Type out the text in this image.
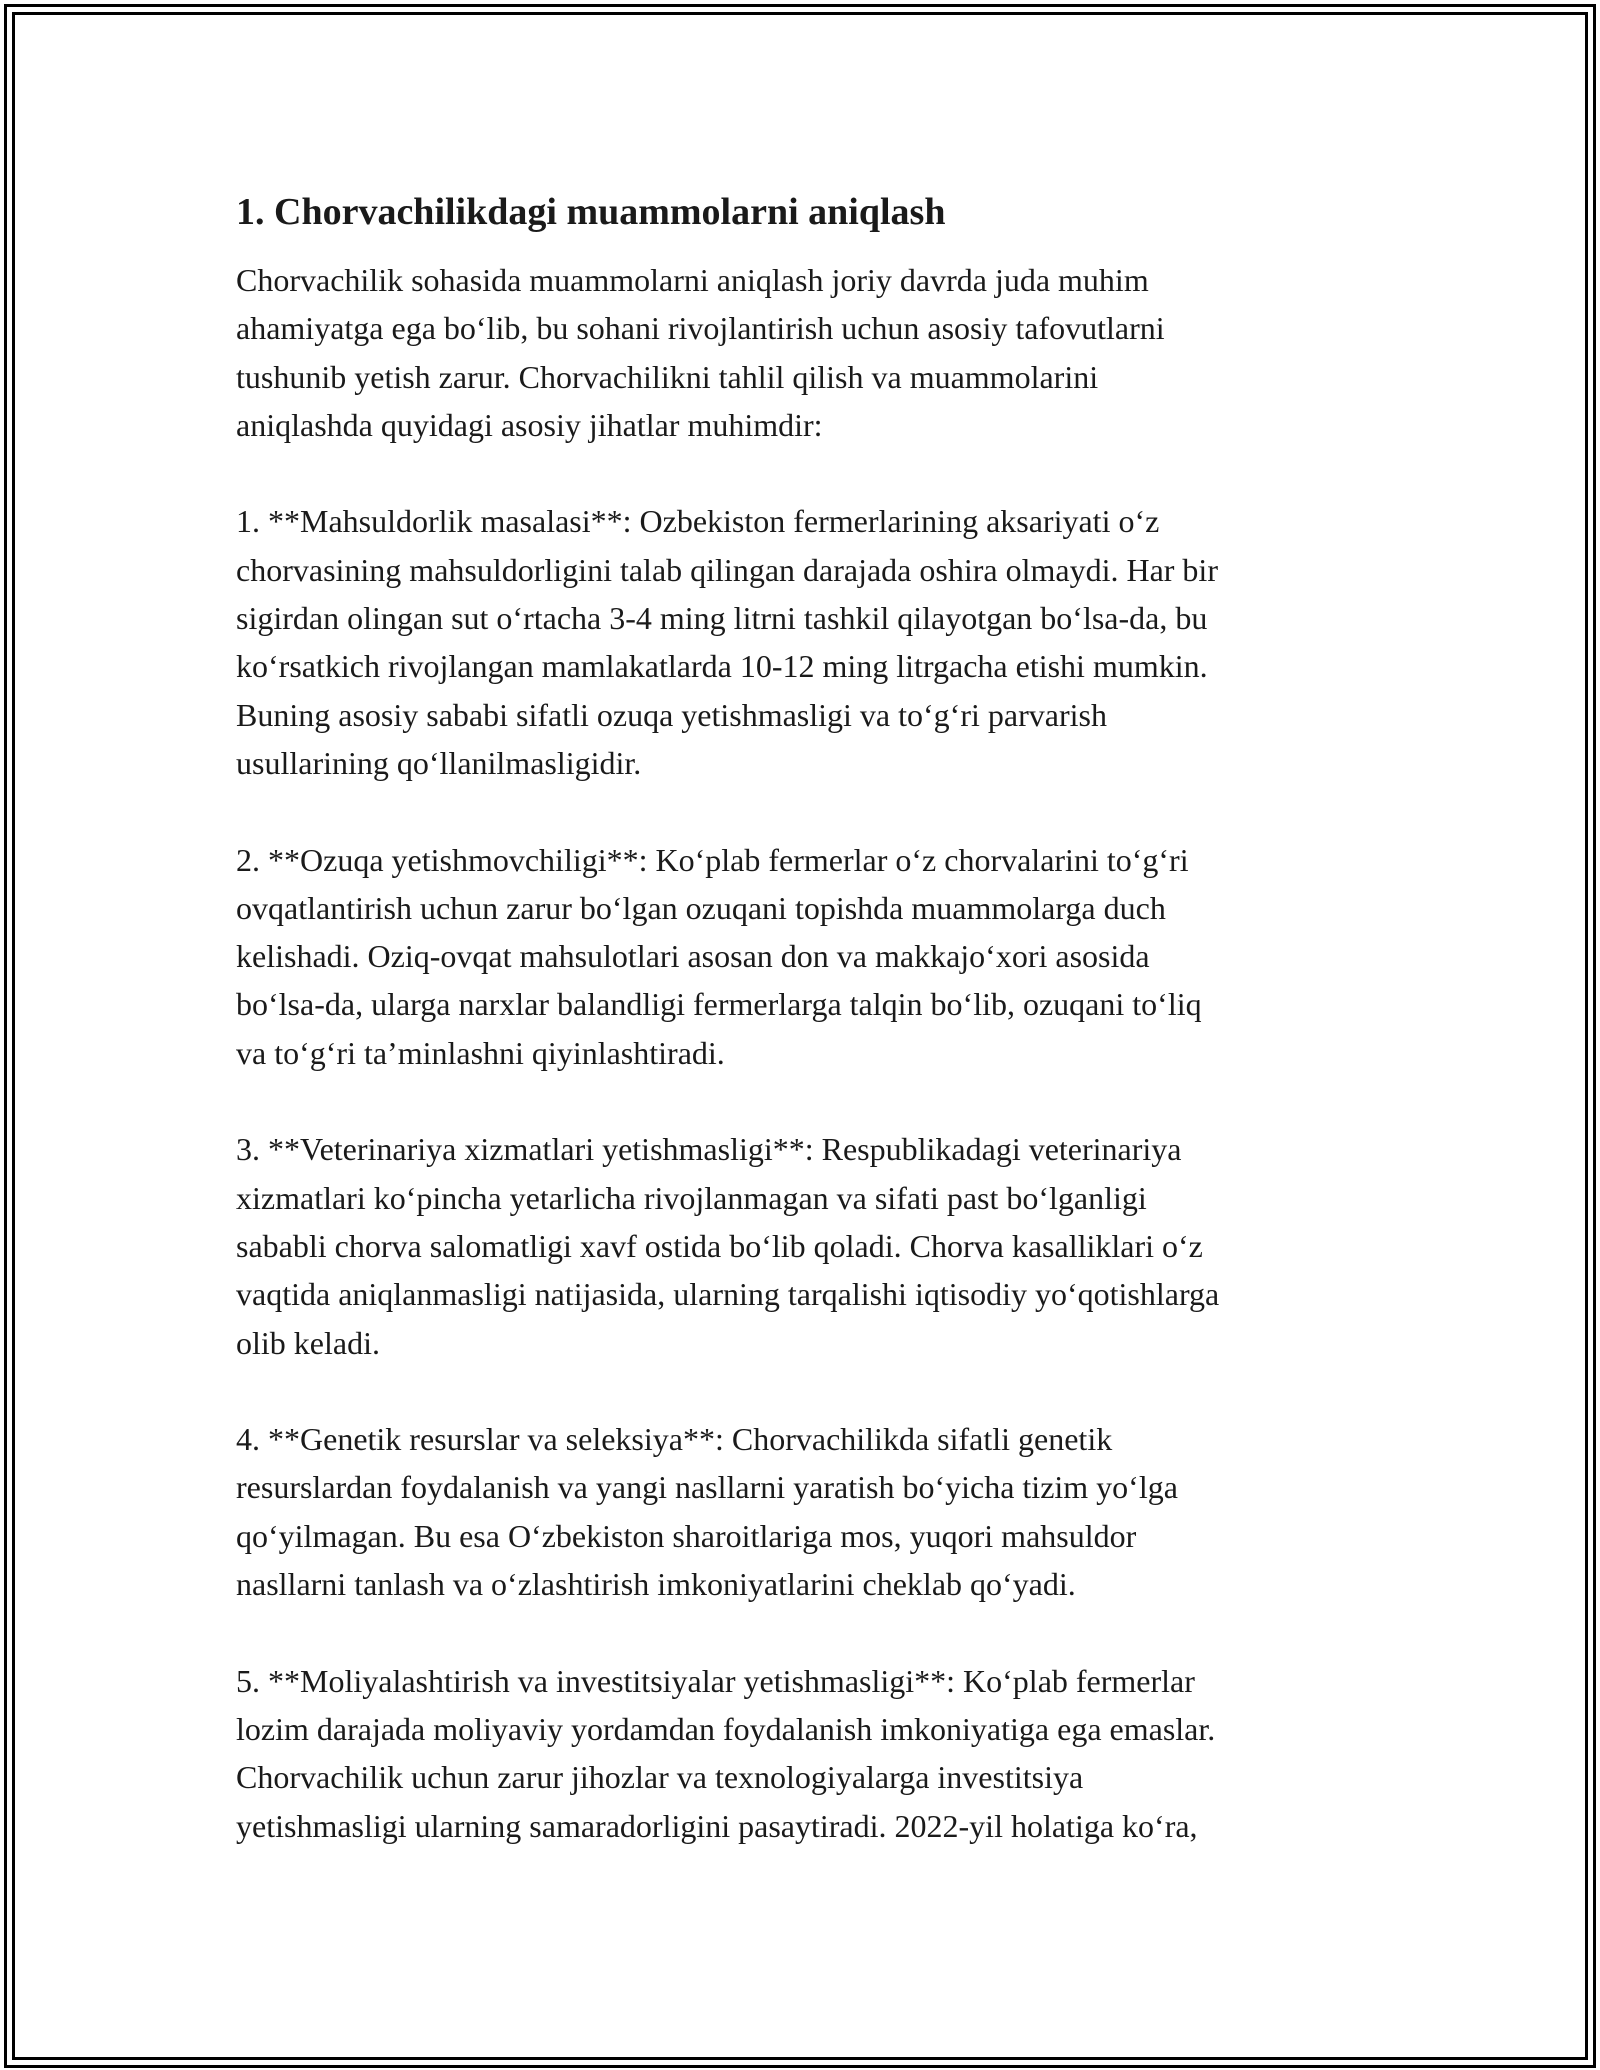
1. Chorvachilikdagi muammolarni aniqlash

Chorvachilik sohasida muammolarni aniqlash joriy davrda juda muhim
ahamiyatga ega bo‘lib, bu sohani rivojlantirish uchun asosiy tafovutlarni
tushunib yetish zarur. Chorvachilikni tahlil qilish va muammolarini
aniqlashda quyidagi asosiy jihatlar muhimdir:

1. **Mahsuldorlik masalasi**: Ozbekiston fermerlarining aksariyati o‘z
chorvasining mahsuldorligini talab qilingan darajada oshira olmaydi. Har bir
sigirdan olingan sut o‘rtacha 3-4 ming litrni tashkil qilayotgan bo‘lsa-da, bu
ko‘rsatkich rivojlangan mamlakatlarda 10-12 ming litrgacha etishi mumkin.
Buning asosiy sababi sifatli ozuqa yetishmasligi va to‘g‘ri parvarish
usullarining qo‘llanilmasligidir.

2. **Ozuqa yetishmovchiligi**: Ko‘plab fermerlar o‘z chorvalarini to‘g‘ri
ovqatlantirish uchun zarur bo‘lgan ozuqani topishda muammolarga duch
kelishadi. Oziq-ovqat mahsulotlari asosan don va makkajo‘xori asosida
bo‘lsa-da, ularga narxlar balandligi fermerlarga talqin bo‘lib, ozuqani to‘liq
va to‘g‘ri ta’minlashni qiyinlashtiradi.

3. **Veterinariya xizmatlari yetishmasligi**: Respublikadagi veterinariya
xizmatlari ko‘pincha yetarlicha rivojlanmagan va sifati past bo‘lganligi
sababli chorva salomatligi xavf ostida bo‘lib qoladi. Chorva kasalliklari o‘z
vaqtida aniqlanmasligi natijasida, ularning tarqalishi iqtisodiy yo‘qotishlarga
olib keladi.

4. **Genetik resurslar va seleksiya**: Chorvachilikda sifatli genetik
resurslardan foydalanish va yangi nasllarni yaratish bo‘yicha tizim yo‘lga
qo‘yilmagan. Bu esa O‘zbekiston sharoitlariga mos, yuqori mahsuldor
nasllarni tanlash va o‘zlashtirish imkoniyatlarini cheklab qo‘yadi.

5. **Moliyalashtirish va investitsiyalar yetishmasligi**: Ko‘plab fermerlar
lozim darajada moliyaviy yordamdan foydalanish imkoniyatiga ega emaslar.
Chorvachilik uchun zarur jihozlar va texnologiyalarga investitsiya
yetishmasligi ularning samaradorligini pasaytiradi. 2022-yil holatiga ko‘ra,
